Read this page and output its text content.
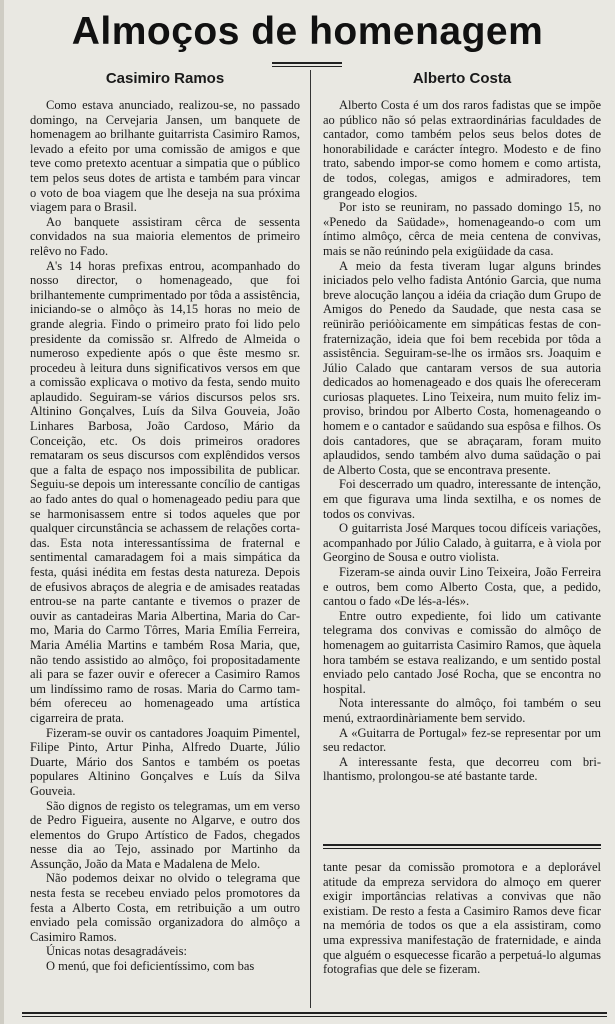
Almoços de homenagem
Casimiro Ramos	Alberto Costa

Como estava anunciado, realizou-se, no passado domingo, na Cervejaria Jansen, um banquete de homenagem ao brilhante guitarrista Casimiro Ramos, levado a efeito por uma comissão de amigos e que teve como pretexto acentuar a simpatia que o público tem pelos seus dotes de artista e também para vincar o voto de boa viagem que lhe deseja na sua próxima viagem para o Brasil.

Ao banquete assistiram cêrca de sessenta convidados na sua maioria elementos de primeiro relêvo no Fado.

A's 14 horas prefixas entrou, acompanhado do nosso director, o homenageado, que foi brilhantemente cumprimentado por tôda a assistência, iniciando-se o almôço às 14,15 horas no meio de grande alegria. Findo o primeiro prato foi lido pelo presidente da comissão sr. Alfredo de Almeida o numeroso expediente após o que êste mesmo sr. procedeu à leitura duns significativos versos em que a comissão explicava o motivo da festa, sendo muito aplaudido. Seguiram-se vários discursos pelos srs. Altinino Gonçalves, Luís da Silva Gouveia, João Linhares Barbosa, João Cardoso, Mário da Conceição, etc. Os dois primeiros oradores remataram os seus discursos com explêndidos versos que a falta de espaço nos impossibilita de publicar. Seguiu-se depois um interessante concílio de cantigas ao fado antes do qual o homenageado pediu para que se harmonisassem entre si todos aqueles que por qualquer circunstância se achassem de relações cortadas. Esta nota interessantíssima de fraternal e sentimental camaradagem foi a mais simpática da festa, quási inédita em festas desta natureza. Depois de efusivos abraços de alegria e de amisades reatadas entrou-se na parte cantante e tivemos o prazer de ouvir as cantadeiras Maria Albertina, Maria do Carmo, Maria do Carmo Tôrres, Maria Emília Ferreira, Maria Amélia Martins e também Rosa Maria, que, não tendo assistido ao almôço, foi propositadamente ali para se fazer ouvir e oferecer a Casimiro Ramos um lindíssimo ramo de rosas. Maria do Carmo também ofereceu ao homenageado uma artística cigarreira de prata.

Fizeram-se ouvir os cantadores Joaquim Pimentel, Filipe Pinto, Artur Pinha, Alfredo Duarte, Júlio Duarte, Mário dos Santos e também os poetas populares Altinino Gonçalves e Luís da Silva Gouveia.

São dignos de registo os telegramas, um em verso de Pedro Figueira, ausente no Algarve, e outro dos elementos do Grupo Artístico de Fados, chegados nesse dia ao Tejo, assinado por Martinho da Assunção, João da Mata e Madalena de Melo.

Não podemos deixar no olvido o telegrama que nesta festa se recebeu enviado pelos promotores da festa a Alberto Costa, em retribuição a um outro enviado pela comissão organizadora do almôço a Casimiro Ramos.

Únicas notas desagradáveis:

O menú, que foi deficientíssimo, com bas

Alberto Costa é um dos raros fadistas que se impõe ao público não só pelas extraordinárias faculdades de cantador, como também pelos seus belos dotes de honorabilidade e carácter íntegro. Modesto e de fino trato, sabendo impor-se como homem e como artista, de todos, colegas, amigos e admiradores, tem grangeado elogios.

Por isto se reuniram, no passado domingo 15, no «Penedo da Saüdade», homenageando-o com um íntimo almôço, cêrca de meia centena de convivas, mais se não reúnindo pela exigüidade da casa.

A meio da festa tiveram lugar alguns brindes iniciados pelo velho fadista António Garcia, que numa breve alocução lançou a idéia da criação dum Grupo de Amigos do Penedo da Saudade, que nesta casa se reünirão perióòicamente em simpáticas festas de confraternização, ideia que foi bem recebida por tôda a assistência. Seguiram-se-lhe os irmãos srs. Joaquim e Júlio Calado que cantaram versos de sua autoria dedicados ao homenageado e dos quais lhe ofereceram curiosas plaquetes. Lino Teixeira, num muito feliz improviso, brindou por Alberto Costa, homenageando o homem e o cantador e saüdando sua espôsa e filhos. Os dois cantadores, que se abraçaram, foram muito aplaudidos, sendo também alvo duma saüdação o pai de Alberto Costa, que se encontrava presente.

Foi descerrado um quadro, interessante de intenção, em que figurava uma linda sextilha, e os nomes de todos os convivas.

O guitarrista José Marques tocou difíceis variações, acompanhado por Júlio Calado, à guitarra, e à viola por Georgino de Sousa e outro violista.

Fizeram-se ainda ouvir Lino Teixeira, João Ferreira e outros, bem como Alberto Costa, que, a pedido, cantou o fado «De lés-a-lés».

Entre outro expediente, foi lido um cativante telegrama dos convivas e comissão do almôço de homenagem ao guitarrista Casimiro Ramos, que àquela hora também se estava realizando, e um sentido postal enviado pelo cantado José Rocha, que se encontra no hospital.

Nota interessante do almôço, foi também o seu menú, extraordinàriamente bem servido.

A «Guitarra de Portugal» fez-se representar por um seu redactor.

A interessante festa, que decorreu com brilhantismo, prolongou-se até bastante tarde.

tante pesar da comissão promotora e a deplorável atitude da empreza servidora do almoço em querer exigir importâncias relativas a convivas que não existiam. De resto a festa a Casimiro Ramos deve ficar na memória de todos os que a ela assistiram, como uma expressiva manifestação de fraternidade, e ainda que alguém o esquecesse ficarão a perpetuá-lo algumas fotografias que dele se fizeram.
